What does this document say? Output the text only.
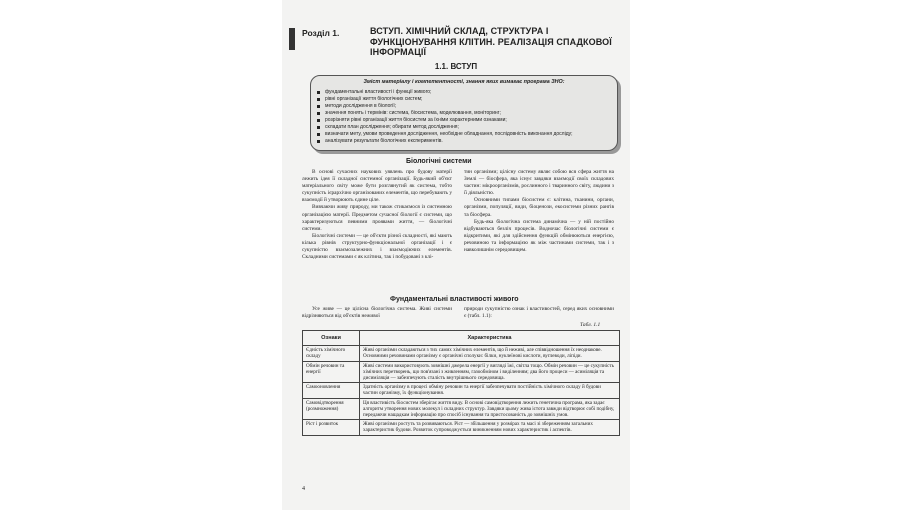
Розділ 1.	ВСТУП. ХІМІЧНИЙ СКЛАД, СТРУКТУРА І ФУНКЦІОНУВАННЯ КЛІТИН. РЕАЛІЗАЦІЯ СПАДКОВОЇ ІНФОРМАЦІЇ
1.1. ВСТУП
Зміст матеріалу і компетентності, знання яких вимагає програма ЗНО:
фундаментальні властивості і функції живого;
рівні організації життя біологічних систем;
методи дослідження в біології;
значення понять і термінів: система, біосистема, моделювання, моніторинг;
розрізняти рівні організації життя біосистем за їхніми характерними ознаками;
складати план дослідження; обирати метод дослідження;
визначати мету, умови проведення дослідження, необхідне обладнання, послідовність виконання досліду;
аналізувати результати біологічних експериментів.
Біологічні системи

В основі сучасних наукових уявлень про будову матерії лежить ідея її складної системної організації. Будь-який об'єкт матеріального світу може бути розглянутий як система, тобто сукупність ієрархічно організованих елементів, що перебувають у взаємодії й утворюють єдине ціле.

Вивчаючи живу природу, ми також стикаємося із системною організацією матерії. Предметом сучасної біології є системи, що характеризуються певними проявами життя, — біологічні системи.

Біологічні системи — це об'єкти різної складності, які мають кілька рівнів структурно-функціональної організації і є сукупністю взаємозалежних і взаємодіючих елементів. Складними системами є як клітина, так і побудовані з клі-

тин організми; цілісну систему являє собою вся сфера життя на Землі — біосфера, яка існує завдяки взаємодії своїх складових частин: мікроорганізмів, рослинного і тваринного світу, людини з її діяльністю.

Основними типами біосистем є: клітина, тканини, органи, організми, популяції, види, біоценози, екосистеми різних рангів та біосфера.

Будь-яка біологічна система динамічна — у ній постійно відбуваються безліч процесів. Водночас біологічні системи є відкритими, які для здійснення функцій обмінюються енергією, речовиною та інформацією як між частинами системи, так і з навколишнім середовищем.

Фундаментальні властивості живого

Усе живе — це цілісна біологічна система. Живі системи відрізняються від об'єктів неживої

природи сукупністю ознак і властивостей, серед яких основними є (табл. 1.1):

Табл. 1.1
Ознаки	Характеристика
Єдність хімічного складу	Живі організми складаються з тих самих хімічних елементів, що й неживі, але співвідношення їх неоднакове. Основними речовинами організму є органічні сполуки: білки, нуклеїнові кислоти, вуглеводи, ліпіди.
Обмін речовин та енергії	Живі системи використовують зовнішні джерела енергії у вигляді їжі, світла тощо. Обмін речовин — це сукупність хімічних перетворень, що пов'язані з живленням, газообміном і виділенням; два його процеси — асиміляція та дисиміляція — забезпечують сталість внутрішнього середовища.
Самооновлення	Здатність організму в процесі обміну речовин та енергії забезпечувати постійність хімічного складу й будови частин організму, їх функціонування.
Самовідтворення (розмноження)	Ця властивість біосистем зберігає життя виду. В основі самовідтворення лежить генетична програма, яка задає алгоритм утворення нових молекул і складних структур. Завдяки цьому жива істота завжди відтворює собі подібну, передаючи нащадкам інформацію про спосіб існування та пристосованість до зовнішніх умов.
Ріст і розвиток	Живі організми ростуть та розвиваються. Ріст — збільшення у розмірах та масі зі збереженням загальних характеристик будови. Розвиток супроводжується виникненням нових характеристик і аспектів.
4
